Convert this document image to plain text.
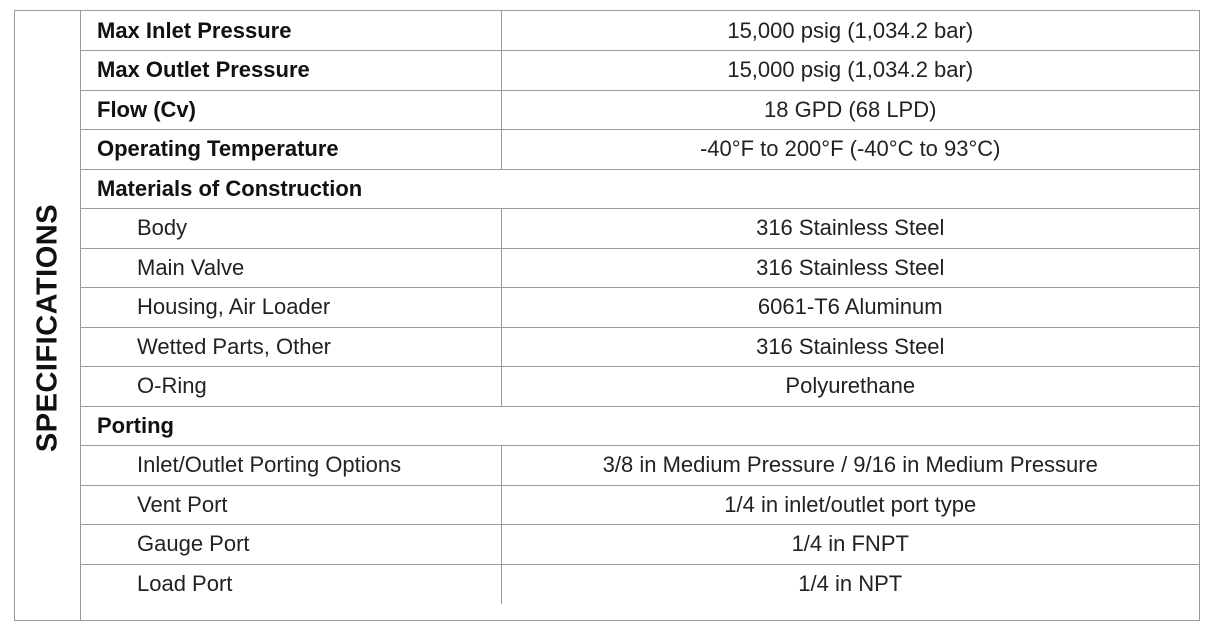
SPECIFICATIONS
Max Inlet Pressure	15,000 psig (1,034.2 bar)
Max Outlet Pressure	15,000 psig (1,034.2 bar)
Flow (Cv)	18 GPD (68 LPD)
Operating Temperature	-40°F to 200°F (-40°C to 93°C)
Materials of Construction	
Body	316 Stainless Steel
Main Valve	316 Stainless Steel
Housing, Air Loader	6061-T6 Aluminum
Wetted Parts, Other	316 Stainless Steel
O-Ring	Polyurethane
Porting	
Inlet/Outlet Porting Options	3/8 in Medium Pressure / 9/16 in Medium Pressure
Vent Port	1/4 in inlet/outlet port type
Gauge Port	1/4 in FNPT
Load Port	1/4 in NPT
